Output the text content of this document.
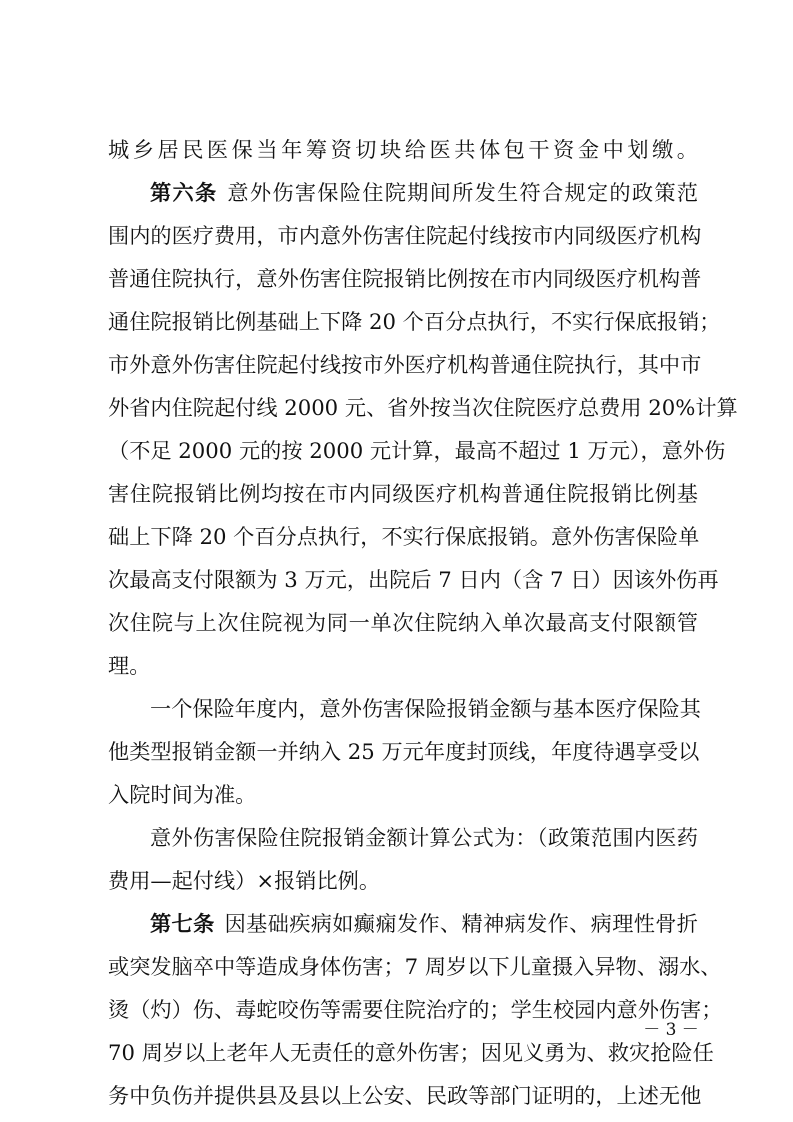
城乡居民医保当年筹资切块给医共体包干资金中划缴。
第六条 意外伤害保险住院期间所发生符合规定的政策范
围内的医疗费用，市内意外伤害住院起付线按市内同级医疗机构
普通住院执行，意外伤害住院报销比例按在市内同级医疗机构普
通住院报销比例基础上下降 20 个百分点执行，不实行保底报销；
市外意外伤害住院起付线按市外医疗机构普通住院执行，其中市
外省内住院起付线 2000 元、省外按当次住院医疗总费用 20%计算
（不足 2000 元的按 2000 元计算，最高不超过 1 万元），意外伤
害住院报销比例均按在市内同级医疗机构普通住院报销比例基
础上下降 20 个百分点执行，不实行保底报销。意外伤害保险单
次最高支付限额为 3 万元，出院后 7 日内（含 7 日）因该外伤再
次住院与上次住院视为同一单次住院纳入单次最高支付限额管
理。
一个保险年度内，意外伤害保险报销金额与基本医疗保险其
他类型报销金额一并纳入 25 万元年度封顶线，年度待遇享受以
入院时间为准。
意外伤害保险住院报销金额计算公式为：（政策范围内医药
费用—起付线）×报销比例。
第七条 因基础疾病如癫痫发作、精神病发作、病理性骨折
或突发脑卒中等造成身体伤害；7 周岁以下儿童摄入异物、溺水、
烫（灼）伤、毒蛇咬伤等需要住院治疗的；学生校园内意外伤害；
70 周岁以上老年人无责任的意外伤害；因见义勇为、救灾抢险任
务中负伤并提供县及县以上公安、民政等部门证明的，上述无他
－ 3 －
